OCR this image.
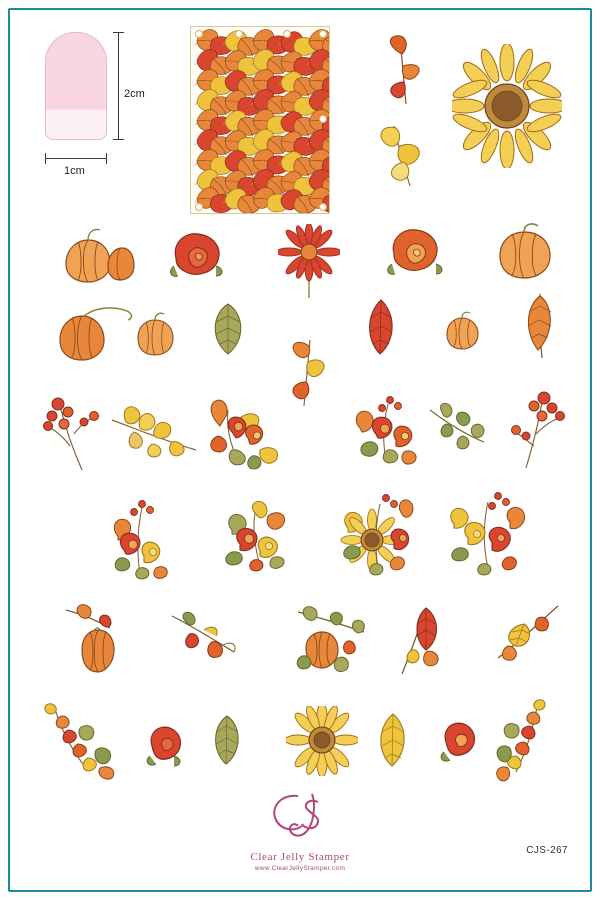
2cm
1cm
Clear Jelly Stamper
www.ClearJellyStamper.com
CJS-267
